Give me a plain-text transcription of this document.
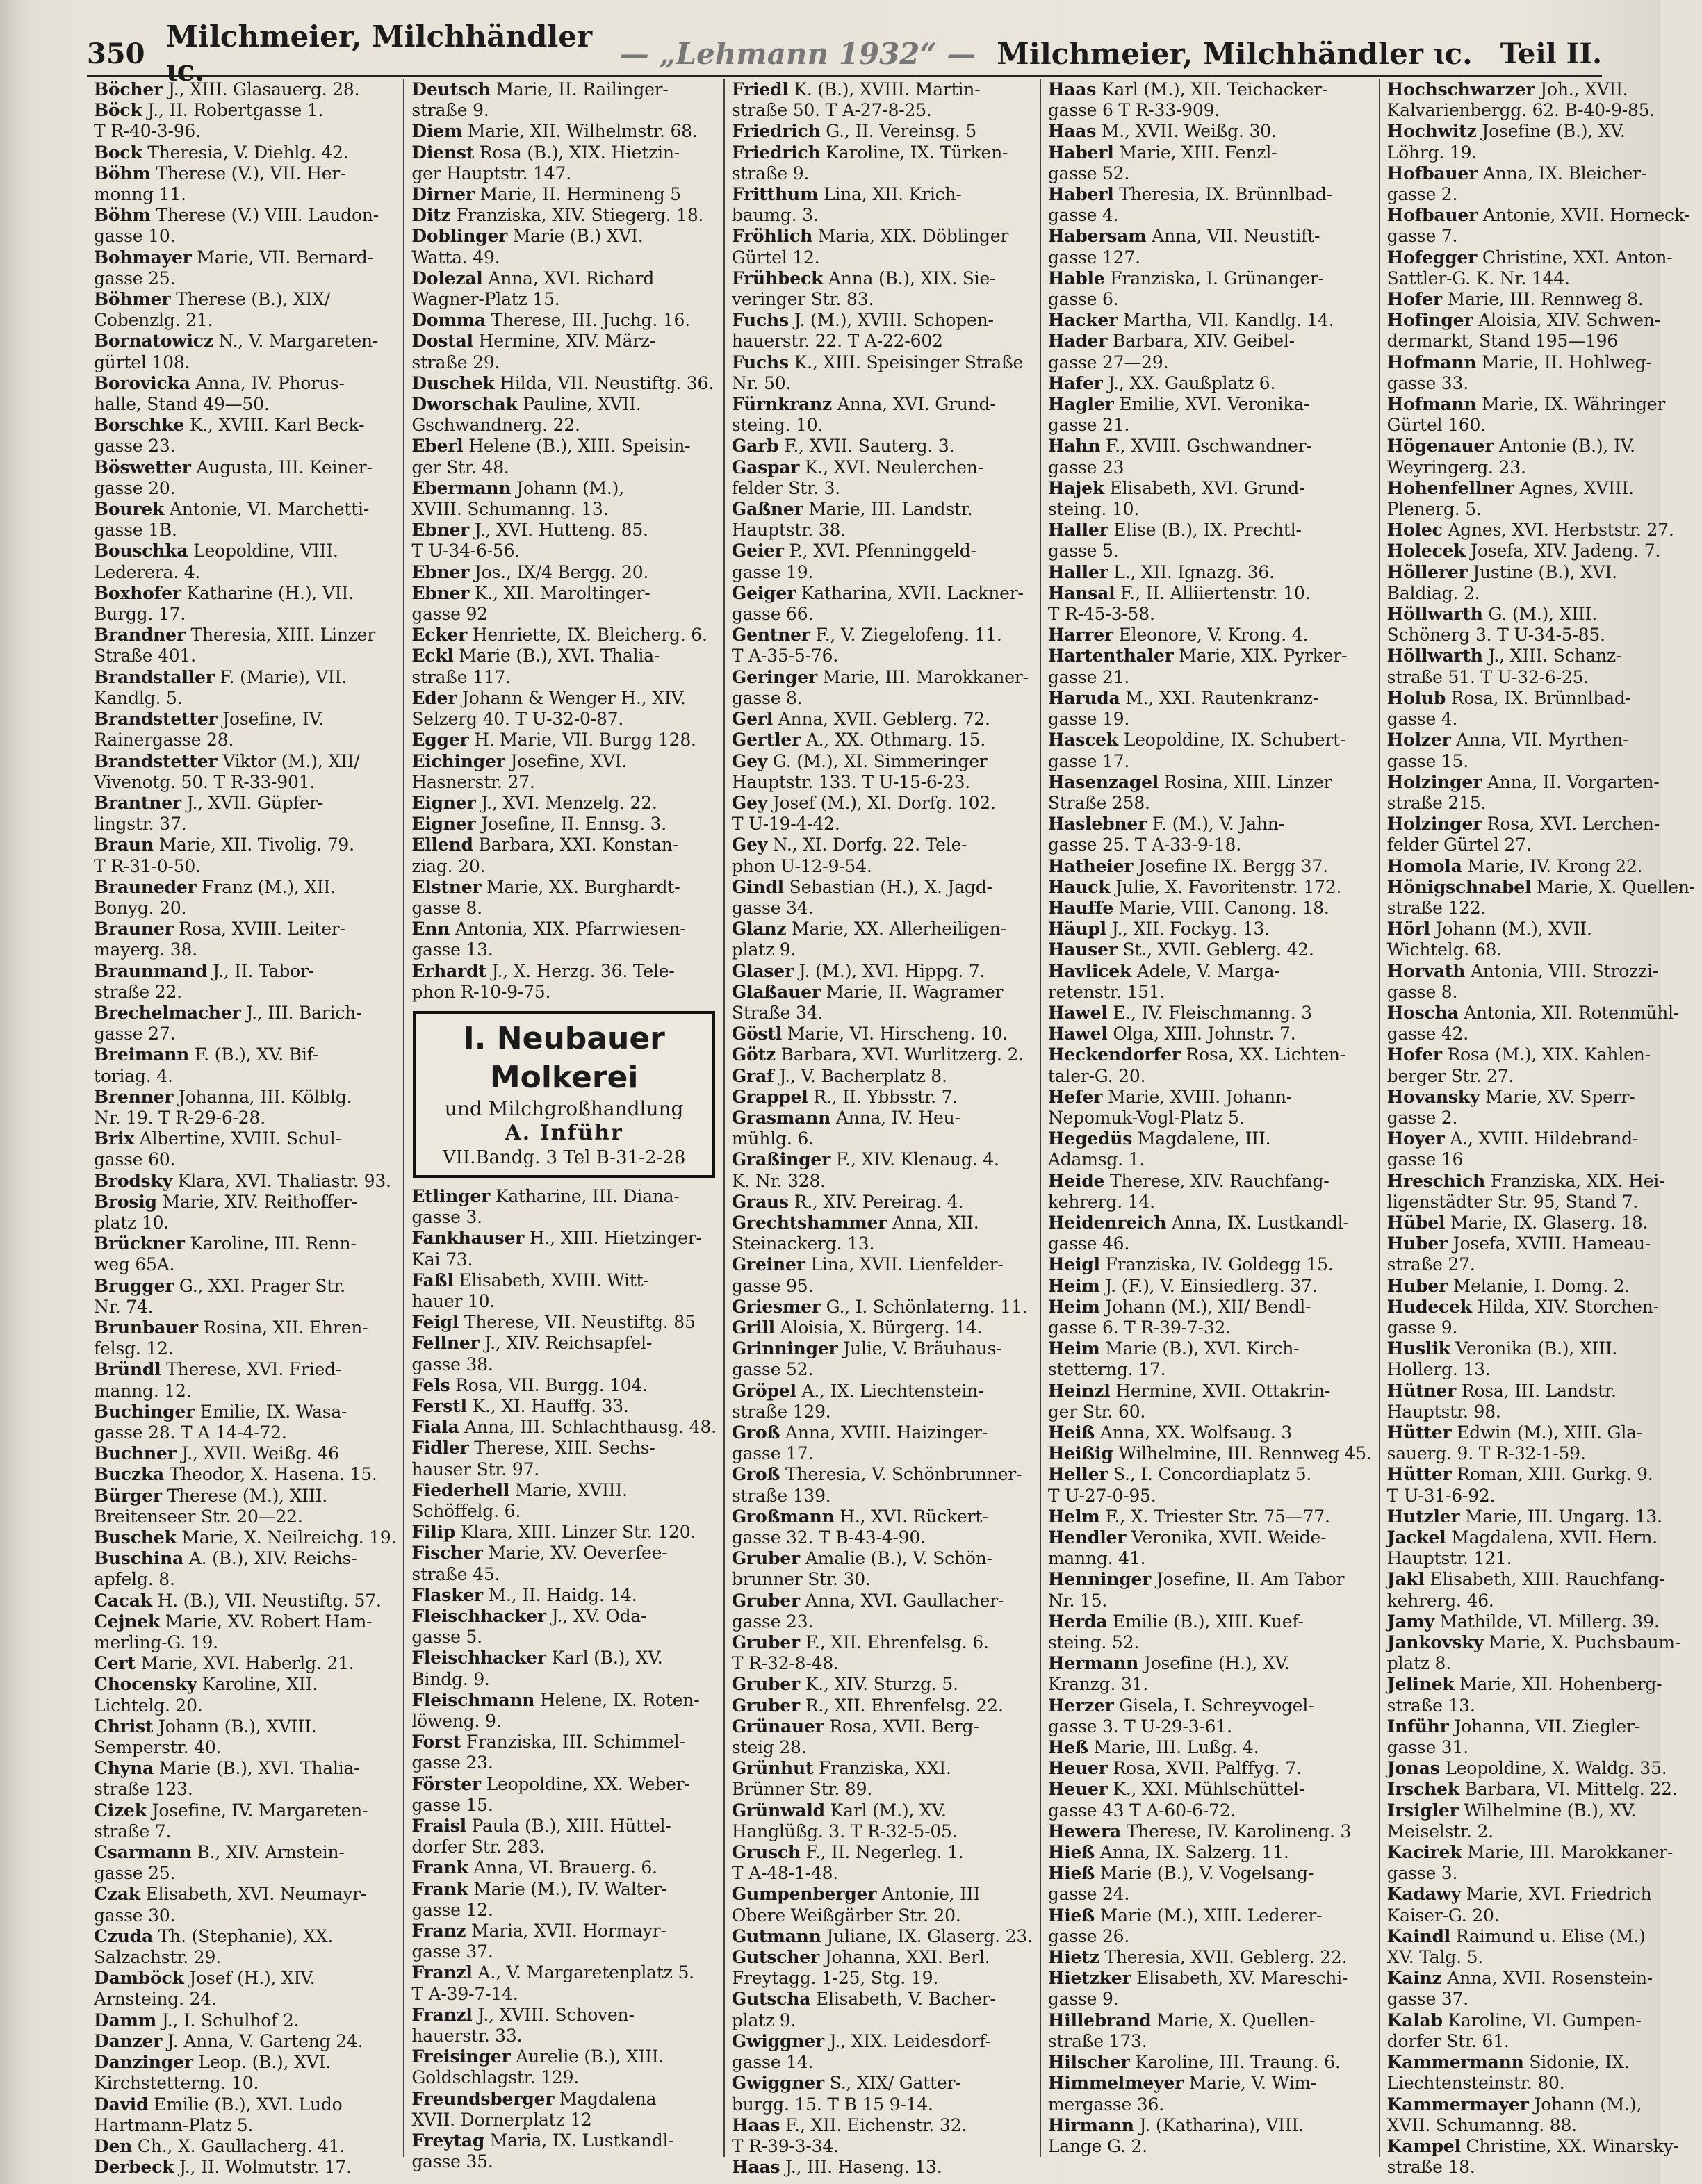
350 Milchmeier, Milchhändler ɩc.	— „Lehmann 1932“ — Milchmeier, Milchhändler ɩc. Teil II.
Böcher J., XIII. Glasauerg. 28.
Böck J., II. Robertgasse 1.
T R-40-3-96.
Bock Theresia, V. Diehlg. 42.
Böhm Therese (V.), VII. Her-
monng 11.
Böhm Therese (V.) VIII. Laudon-
gasse 10.
Bohmayer Marie, VII. Bernard-
gasse 25.
Böhmer Therese (B.), XIX/
Cobenzlg. 21.
Bornatowicz N., V. Margareten-
gürtel 108.
Borovicka Anna, IV. Phorus-
halle, Stand 49—50.
Borschke K., XVIII. Karl Beck-
gasse 23.
Böswetter Augusta, III. Keiner-
gasse 20.
Bourek Antonie, VI. Marchetti-
gasse 1B.
Bouschka Leopoldine, VIII.
Lederera. 4.
Boxhofer Katharine (H.), VII.
Burgg. 17.
Brandner Theresia, XIII. Linzer
Straße 401.
Brandstaller F. (Marie), VII.
Kandlg. 5.
Brandstetter Josefine, IV.
Rainergasse 28.
Brandstetter Viktor (M.), XII/
Vivenotg. 50. T R-33-901.
Brantner J., XVII. Güpfer-
lingstr. 37.
Braun Marie, XII. Tivolig. 79.
T R-31-0-50.
Brauneder Franz (M.), XII.
Bonyg. 20.
Brauner Rosa, XVIII. Leiter-
mayerg. 38.
Braunmand J., II. Tabor-
straße 22.
Brechelmacher J., III. Barich-
gasse 27.
Breimann F. (B.), XV. Bif-
toriag. 4.
Brenner Johanna, III. Kölblg.
Nr. 19. T R-29-6-28.
Brix Albertine, XVIII. Schul-
gasse 60.
Brodsky Klara, XVI. Thaliastr. 93.
Brosig Marie, XIV. Reithoffer-
platz 10.
Brückner Karoline, III. Renn-
weg 65A.
Brugger G., XXI. Prager Str.
Nr. 74.
Brunbauer Rosina, XII. Ehren-
felsg. 12.
Bründl Therese, XVI. Fried-
manng. 12.
Buchinger Emilie, IX. Wasa-
gasse 28. T A 14-4-72.
Buchner J., XVII. Weißg. 46
Buczka Theodor, X. Hasena. 15.
Bürger Therese (M.), XIII.
Breitenseer Str. 20—22.
Buschek Marie, X. Neilreichg. 19.
Buschina A. (B.), XIV. Reichs-
apfelg. 8.
Cacak H. (B.), VII. Neustiftg. 57.
Cejnek Marie, XV. Robert Ham-
merling-G. 19.
Cert Marie, XVI. Haberlg. 21.
Chocensky Karoline, XII.
Lichtelg. 20.
Christ Johann (B.), XVIII.
Semperstr. 40.
Chyna Marie (B.), XVI. Thalia-
straße 123.
Cizek Josefine, IV. Margareten-
straße 7.
Csarmann B., XIV. Arnstein-
gasse 25.
Czak Elisabeth, XVI. Neumayr-
gasse 30.
Czuda Th. (Stephanie), XX.
Salzachstr. 29.
Damböck Josef (H.), XIV.
Arnsteing. 24.
Damm J., I. Schulhof 2.
Danzer J. Anna, V. Garteng 24.
Danzinger Leop. (B.), XVI.
Kirchstetterng. 10.
David Emilie (B.), XVI. Ludo
Hartmann-Platz 5.
Den Ch., X. Gaullacherg. 41.
Derbeck J., II. Wolmutstr. 17.
Deutsch Marie, II. Railinger-
straße 9.
Diem Marie, XII. Wilhelmstr. 68.
Dienst Rosa (B.), XIX. Hietzin-
ger Hauptstr. 147.
Dirner Marie, II. Hermineng 5
Ditz Franziska, XIV. Stiegerg. 18.
Doblinger Marie (B.) XVI.
Watta. 49.
Dolezal Anna, XVI. Richard
Wagner-Platz 15.
Domma Therese, III. Juchg. 16.
Dostal Hermine, XIV. März-
straße 29.
Duschek Hilda, VII. Neustiftg. 36.
Dworschak Pauline, XVII.
Gschwandnerg. 22.
Eberl Helene (B.), XIII. Speisin-
ger Str. 48.
Ebermann Johann (M.),
XVIII. Schumanng. 13.
Ebner J., XVI. Hutteng. 85.
T U-34-6-56.
Ebner Jos., IX/4 Bergg. 20.
Ebner K., XII. Maroltinger-
gasse 92
Ecker Henriette, IX. Bleicherg. 6.
Eckl Marie (B.), XVI. Thalia-
straße 117.
Eder Johann & Wenger H., XIV.
Selzerg 40. T U-32-0-87.
Egger H. Marie, VII. Burgg 128.
Eichinger Josefine, XVI.
Hasnerstr. 27.
Eigner J., XVI. Menzelg. 22.
Eigner Josefine, II. Ennsg. 3.
Ellend Barbara, XXI. Konstan-
ziag. 20.
Elstner Marie, XX. Burghardt-
gasse 8.
Enn Antonia, XIX. Pfarrwiesen-
gasse 13.
Erhardt J., X. Herzg. 36. Tele-
phon R-10-9-75.
I. Neubauer Molkerei
und Milchgroßhandlung
A. Inführ
VII.Bandg. 3 Tel B-31-2-28
Etlinger Katharine, III. Diana-
gasse 3.
Fankhauser H., XIII. Hietzinger-
Kai 73.
Faßl Elisabeth, XVIII. Witt-
hauer 10.
Feigl Therese, VII. Neustiftg. 85
Fellner J., XIV. Reichsapfel-
gasse 38.
Fels Rosa, VII. Burgg. 104.
Ferstl K., XI. Hauffg. 33.
Fiala Anna, III. Schlachthausg. 48.
Fidler Therese, XIII. Sechs-
hauser Str. 97.
Fiederhell Marie, XVIII.
Schöffelg. 6.
Filip Klara, XIII. Linzer Str. 120.
Fischer Marie, XV. Oeverfee-
straße 45.
Flasker M., II. Haidg. 14.
Fleischhacker J., XV. Oda-
gasse 5.
Fleischhacker Karl (B.), XV.
Bindg. 9.
Fleischmann Helene, IX. Roten-
löweng. 9.
Forst Franziska, III. Schimmel-
gasse 23.
Förster Leopoldine, XX. Weber-
gasse 15.
Fraisl Paula (B.), XIII. Hüttel-
dorfer Str. 283.
Frank Anna, VI. Brauerg. 6.
Frank Marie (M.), IV. Walter-
gasse 12.
Franz Maria, XVII. Hormayr-
gasse 37.
Franzl A., V. Margaretenplatz 5.
T A-39-7-14.
Franzl J., XVIII. Schoven-
hauerstr. 33.
Freisinger Aurelie (B.), XIII.
Goldschlagstr. 129.
Freundsberger Magdalena
XVII. Dornerplatz 12
Freytag Maria, IX. Lustkandl-
gasse 35.
Friedl K. (B.), XVIII. Martin-
straße 50. T A-27-8-25.
Friedrich G., II. Vereinsg. 5
Friedrich Karoline, IX. Türken-
straße 9.
Fritthum Lina, XII. Krich-
baumg. 3.
Fröhlich Maria, XIX. Döblinger
Gürtel 12.
Frühbeck Anna (B.), XIX. Sie-
veringer Str. 83.
Fuchs J. (M.), XVIII. Schopen-
hauerstr. 22. T A-22-602
Fuchs K., XIII. Speisinger Straße
Nr. 50.
Fürnkranz Anna, XVI. Grund-
steing. 10.
Garb F., XVII. Sauterg. 3.
Gaspar K., XVI. Neulerchen-
felder Str. 3.
Gaßner Marie, III. Landstr.
Hauptstr. 38.
Geier P., XVI. Pfenninggeld-
gasse 19.
Geiger Katharina, XVII. Lackner-
gasse 66.
Gentner F., V. Ziegelofeng. 11.
T A-35-5-76.
Geringer Marie, III. Marokkaner-
gasse 8.
Gerl Anna, XVII. Geblerg. 72.
Gertler A., XX. Othmarg. 15.
Gey G. (M.), XI. Simmeringer
Hauptstr. 133. T U-15-6-23.
Gey Josef (M.), XI. Dorfg. 102.
T U-19-4-42.
Gey N., XI. Dorfg. 22. Tele-
phon U-12-9-54.
Gindl Sebastian (H.), X. Jagd-
gasse 34.
Glanz Marie, XX. Allerheiligen-
platz 9.
Glaser J. (M.), XVI. Hippg. 7.
Glaßauer Marie, II. Wagramer
Straße 34.
Göstl Marie, VI. Hirscheng. 10.
Götz Barbara, XVI. Wurlitzerg. 2.
Graf J., V. Bacherplatz 8.
Grappel R., II. Ybbsstr. 7.
Grasmann Anna, IV. Heu-
mühlg. 6.
Graßinger F., XIV. Klenaug. 4.
K. Nr. 328.
Graus R., XIV. Pereirag. 4.
Grechtshammer Anna, XII.
Steinackerg. 13.
Greiner Lina, XVII. Lienfelder-
gasse 95.
Griesmer G., I. Schönlaterng. 11.
Grill Aloisia, X. Bürgerg. 14.
Grinninger Julie, V. Bräuhaus-
gasse 52.
Gröpel A., IX. Liechtenstein-
straße 129.
Groß Anna, XVIII. Haizinger-
gasse 17.
Groß Theresia, V. Schönbrunner-
straße 139.
Großmann H., XVI. Rückert-
gasse 32. T B-43-4-90.
Gruber Amalie (B.), V. Schön-
brunner Str. 30.
Gruber Anna, XVI. Gaullacher-
gasse 23.
Gruber F., XII. Ehrenfelsg. 6.
T R-32-8-48.
Gruber K., XIV. Sturzg. 5.
Gruber R., XII. Ehrenfelsg. 22.
Grünauer Rosa, XVII. Berg-
steig 28.
Grünhut Franziska, XXI.
Brünner Str. 89.
Grünwald Karl (M.), XV.
Hanglüßg. 3. T R-32-5-05.
Grusch F., II. Negerleg. 1.
T A-48-1-48.
Gumpenberger Antonie, III
Obere Weißgärber Str. 20.
Gutmann Juliane, IX. Glaserg. 23.
Gutscher Johanna, XXI. Berl.
Freytagg. 1-25, Stg. 19.
Gutscha Elisabeth, V. Bacher-
platz 9.
Gwiggner J., XIX. Leidesdorf-
gasse 14.
Gwiggner S., XIX/ Gatter-
burgg. 15. T B 15 9-14.
Haas F., XII. Eichenstr. 32.
T R-39-3-34.
Haas J., III. Haseng. 13.
Haas Karl (M.), XII. Teichacker-
gasse 6 T R-33-909.
Haas M., XVII. Weißg. 30.
Haberl Marie, XIII. Fenzl-
gasse 52.
Haberl Theresia, IX. Brünnlbad-
gasse 4.
Habersam Anna, VII. Neustift-
gasse 127.
Hable Franziska, I. Grünanger-
gasse 6.
Hacker Martha, VII. Kandlg. 14.
Hader Barbara, XIV. Geibel-
gasse 27—29.
Hafer J., XX. Gaußplatz 6.
Hagler Emilie, XVI. Veronika-
gasse 21.
Hahn F., XVIII. Gschwandner-
gasse 23
Hajek Elisabeth, XVI. Grund-
steing. 10.
Haller Elise (B.), IX. Prechtl-
gasse 5.
Haller L., XII. Ignazg. 36.
Hansal F., II. Alliiertenstr. 10.
T R-45-3-58.
Harrer Eleonore, V. Krong. 4.
Hartenthaler Marie, XIX. Pyrker-
gasse 21.
Haruda M., XXI. Rautenkranz-
gasse 19.
Hascek Leopoldine, IX. Schubert-
gasse 17.
Hasenzagel Rosina, XIII. Linzer
Straße 258.
Haslebner F. (M.), V. Jahn-
gasse 25. T A-33-9-18.
Hatheier Josefine IX. Bergg 37.
Hauck Julie, X. Favoritenstr. 172.
Hauffe Marie, VIII. Canong. 18.
Häupl J., XII. Fockyg. 13.
Hauser St., XVII. Geblerg. 42.
Havlicek Adele, V. Marga-
retenstr. 151.
Hawel E., IV. Fleischmanng. 3
Hawel Olga, XIII. Johnstr. 7.
Heckendorfer Rosa, XX. Lichten-
taler-G. 20.
Hefer Marie, XVIII. Johann-
Nepomuk-Vogl-Platz 5.
Hegedüs Magdalene, III.
Adamsg. 1.
Heide Therese, XIV. Rauchfang-
kehrerg. 14.
Heidenreich Anna, IX. Lustkandl-
gasse 46.
Heigl Franziska, IV. Goldegg 15.
Heim J. (F.), V. Einsiedlerg. 37.
Heim Johann (M.), XII/ Bendl-
gasse 6. T R-39-7-32.
Heim Marie (B.), XVI. Kirch-
stetterng. 17.
Heinzl Hermine, XVII. Ottakrin-
ger Str. 60.
Heiß Anna, XX. Wolfsaug. 3
Heißig Wilhelmine, III. Rennweg 45.
Heller S., I. Concordiaplatz 5.
T U-27-0-95.
Helm F., X. Triester Str. 75—77.
Hendler Veronika, XVII. Weide-
manng. 41.
Henninger Josefine, II. Am Tabor
Nr. 15.
Herda Emilie (B.), XIII. Kuef-
steing. 52.
Hermann Josefine (H.), XV.
Kranzg. 31.
Herzer Gisela, I. Schreyvogel-
gasse 3. T U-29-3-61.
Heß Marie, III. Lußg. 4.
Heuer Rosa, XVII. Palffyg. 7.
Heuer K., XXI. Mühlschüttel-
gasse 43 T A-60-6-72.
Hewera Therese, IV. Karolineng. 3
Hieß Anna, IX. Salzerg. 11.
Hieß Marie (B.), V. Vogelsang-
gasse 24.
Hieß Marie (M.), XIII. Lederer-
gasse 26.
Hietz Theresia, XVII. Geblerg. 22.
Hietzker Elisabeth, XV. Mareschi-
gasse 9.
Hillebrand Marie, X. Quellen-
straße 173.
Hilscher Karoline, III. Traung. 6.
Himmelmeyer Marie, V. Wim-
mergasse 36.
Hirmann J. (Katharina), VIII.
Lange G. 2.
Hochschwarzer Joh., XVII.
Kalvarienbergg. 62. B-40-9-85.
Hochwitz Josefine (B.), XV.
Löhrg. 19.
Hofbauer Anna, IX. Bleicher-
gasse 2.
Hofbauer Antonie, XVII. Horneck-
gasse 7.
Hofegger Christine, XXI. Anton-
Sattler-G. K. Nr. 144.
Hofer Marie, III. Rennweg 8.
Hofinger Aloisia, XIV. Schwen-
dermarkt, Stand 195—196
Hofmann Marie, II. Hohlweg-
gasse 33.
Hofmann Marie, IX. Währinger
Gürtel 160.
Högenauer Antonie (B.), IV.
Weyringerg. 23.
Hohenfellner Agnes, XVIII.
Plenerg. 5.
Holec Agnes, XVI. Herbststr. 27.
Holecek Josefa, XIV. Jadeng. 7.
Höllerer Justine (B.), XVI.
Baldiag. 2.
Höllwarth G. (M.), XIII.
Schönerg 3. T U-34-5-85.
Höllwarth J., XIII. Schanz-
straße 51. T U-32-6-25.
Holub Rosa, IX. Brünnlbad-
gasse 4.
Holzer Anna, VII. Myrthen-
gasse 15.
Holzinger Anna, II. Vorgarten-
straße 215.
Holzinger Rosa, XVI. Lerchen-
felder Gürtel 27.
Homola Marie, IV. Krong 22.
Hönigschnabel Marie, X. Quellen-
straße 122.
Hörl Johann (M.), XVII.
Wichtelg. 68.
Horvath Antonia, VIII. Strozzi-
gasse 8.
Hoscha Antonia, XII. Rotenmühl-
gasse 42.
Hofer Rosa (M.), XIX. Kahlen-
berger Str. 27.
Hovansky Marie, XV. Sperr-
gasse 2.
Hoyer A., XVIII. Hildebrand-
gasse 16
Hreschich Franziska, XIX. Hei-
ligenstädter Str. 95, Stand 7.
Hübel Marie, IX. Glaserg. 18.
Huber Josefa, XVIII. Hameau-
straße 27.
Huber Melanie, I. Domg. 2.
Hudecek Hilda, XIV. Storchen-
gasse 9.
Huslik Veronika (B.), XIII.
Hollerg. 13.
Hütner Rosa, III. Landstr.
Hauptstr. 98.
Hütter Edwin (M.), XIII. Gla-
sauerg. 9. T R-32-1-59.
Hütter Roman, XIII. Gurkg. 9.
T U-31-6-92.
Hutzler Marie, III. Ungarg. 13.
Jackel Magdalena, XVII. Hern.
Hauptstr. 121.
Jakl Elisabeth, XIII. Rauchfang-
kehrerg. 46.
Jamy Mathilde, VI. Millerg. 39.
Jankovsky Marie, X. Puchsbaum-
platz 8.
Jelinek Marie, XII. Hohenberg-
straße 13.
Inführ Johanna, VII. Ziegler-
gasse 31.
Jonas Leopoldine, X. Waldg. 35.
Irschek Barbara, VI. Mittelg. 22.
Irsigler Wilhelmine (B.), XV.
Meiselstr. 2.
Kacirek Marie, III. Marokkaner-
gasse 3.
Kadawy Marie, XVI. Friedrich
Kaiser-G. 20.
Kaindl Raimund u. Elise (M.)
XV. Talg. 5.
Kainz Anna, XVII. Rosenstein-
gasse 37.
Kalab Karoline, VI. Gumpen-
dorfer Str. 61.
Kammermann Sidonie, IX.
Liechtensteinstr. 80.
Kammermayer Johann (M.),
XVII. Schumanng. 88.
Kampel Christine, XX. Winarsky-
straße 18.
